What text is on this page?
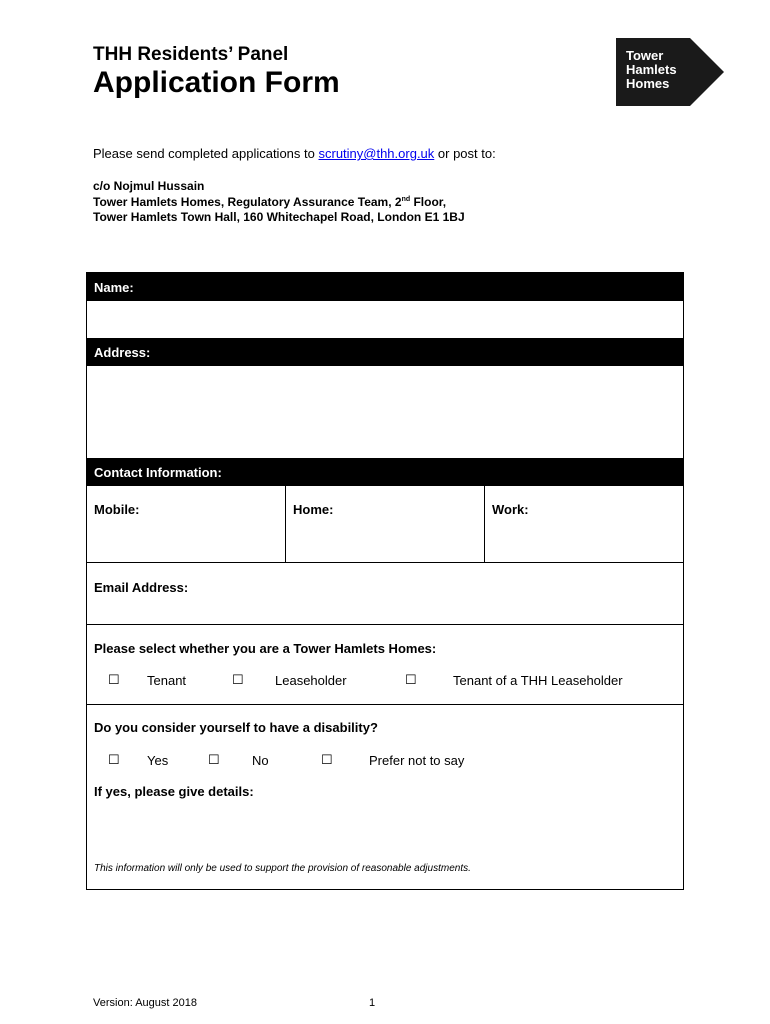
THH Residents’ Panel
Application Form
Tower
Hamlets
Homes
Please send completed applications to scrutiny@thh.org.uk or post to:
c/o Nojmul Hussain
Tower Hamlets Homes, Regulatory Assurance Team, 2nd Floor,
Tower Hamlets Town Hall, 160 Whitechapel Road, London E1 1BJ
Name:
Address:
Contact Information:
Mobile:	Home:	Work:
Email Address:
Please select whether you are a Tower Hamlets Homes:
☐ Tenant	☐ Leaseholder	☐	Tenant of a THH Leaseholder
Do you consider yourself to have a disability?
☐ Yes	☐ No	☐	Prefer not to say
If yes, please give details:
This information will only be used to support the provision of reasonable adjustments.
Version: August 2018	1
